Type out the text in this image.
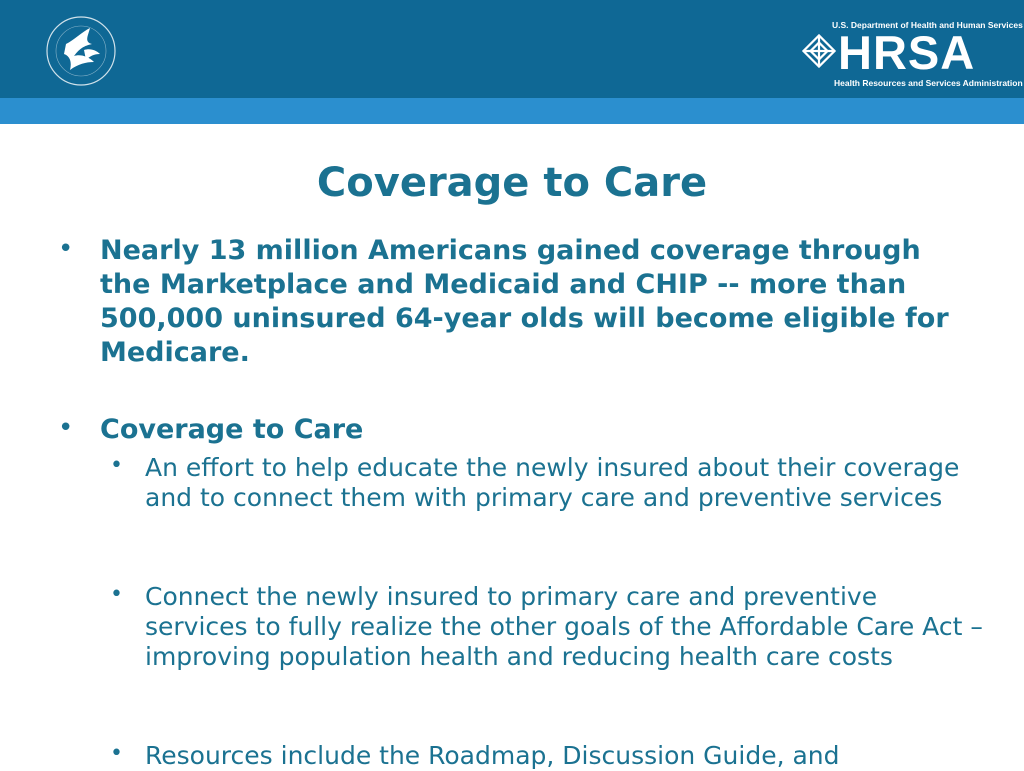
U.S. Department of Health and Human Services
HRSA
Health Resources and Services Administration
Coverage to Care
• Nearly 13 million Americans gained coverage through the Marketplace and Medicaid and CHIP -- more than 500,000 uninsured 64-year olds will become eligible for Medicare.
• Coverage to Care
• An effort to help educate the newly insured about their coverage and to connect them with primary care and preventive services
• Connect the newly insured to primary care and preventive services to fully realize the other goals of the Affordable Care Act – improving population health and reducing health care costs
• Resources include the Roadmap, Discussion Guide, and
